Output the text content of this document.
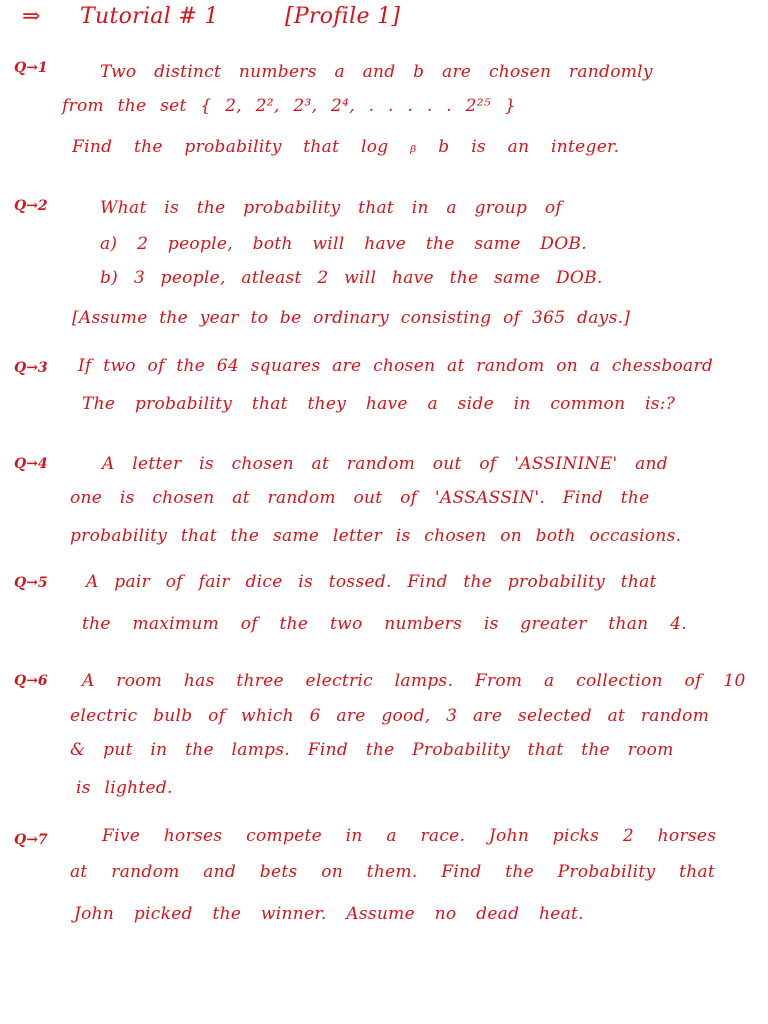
⇒ Tutorial # 1	[Profile 1]
Q→1	Two distinct numbers a and b are chosen randomly
from the set { 2, 2², 2³, 2⁴, . . . . . 2²⁵ }
Find the probability that log ᵦ b is an integer.
Q→2	What is the probability that in a group of
a) 2 people, both will have the same DOB.
b) 3 people, atleast 2 will have the same DOB.
[Assume the year to be ordinary consisting of 365 days.]
Q→3 If two of the 64 squares are chosen at random on a chessboard
The probability that they have a side in common is:?
Q→4	A letter is chosen at random out of 'ASSININE' and
one is chosen at random out of 'ASSASSIN'. Find the
probability that the same letter is chosen on both occasions.
Q→5 A pair of fair dice is tossed. Find the probability that
the maximum of the two numbers is greater than 4.
Q→6 A room has three electric lamps. From a collection of 10
electric bulb of which 6 are good, 3 are selected at random
& put in the lamps. Find the Probability that the room
is lighted.
Q→7	Five horses compete in a race. John picks 2 horses
at random and bets on them. Find the Probability that
John picked the winner. Assume no dead heat.
